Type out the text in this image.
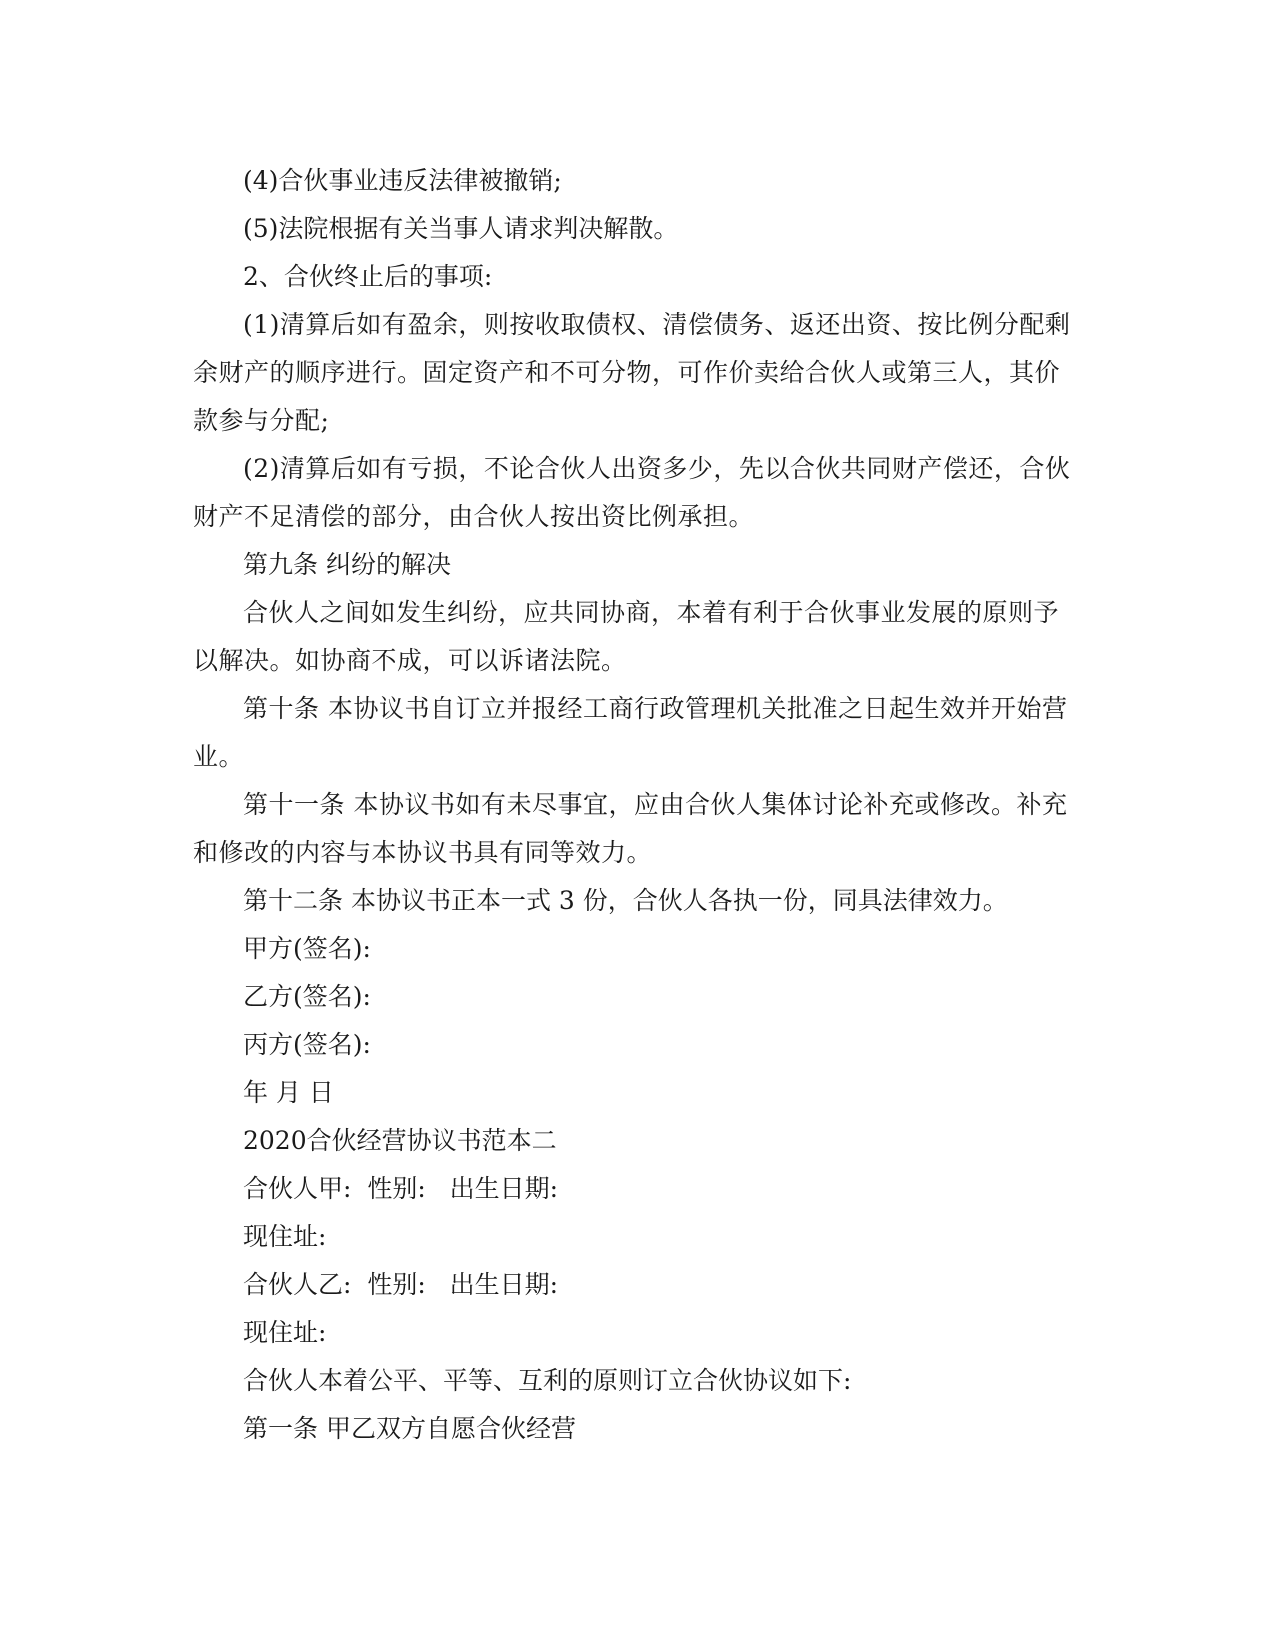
(4)合伙事业违反法律被撤销;

(5)法院根据有关当事人请求判决解散。

2、合伙终止后的事项:

(1)清算后如有盈余，则按收取债权、清偿债务、返还出资、按比例分配剩余财产的顺序进行。固定资产和不可分物，可作价卖给合伙人或第三人，其价款参与分配;

(2)清算后如有亏损，不论合伙人出资多少，先以合伙共同财产偿还，合伙财产不足清偿的部分，由合伙人按出资比例承担。

第九条 纠纷的解决

合伙人之间如发生纠纷，应共同协商，本着有利于合伙事业发展的原则予以解决。如协商不成，可以诉诸法院。

第十条 本协议书自订立并报经工商行政管理机关批准之日起生效并开始营业。

第十一条 本协议书如有未尽事宜，应由合伙人集体讨论补充或修改。补充和修改的内容与本协议书具有同等效力。

第十二条 本协议书正本一式 3 份，合伙人各执一份，同具法律效力。

甲方(签名):

乙方(签名):

丙方(签名):

年 月 日

2020合伙经营协议书范本二

合伙人甲:  性别:   出生日期:

现住址:

合伙人乙:  性别:   出生日期:

现住址:

合伙人本着公平、平等、互利的原则订立合伙协议如下:

第一条 甲乙双方自愿合伙经营
